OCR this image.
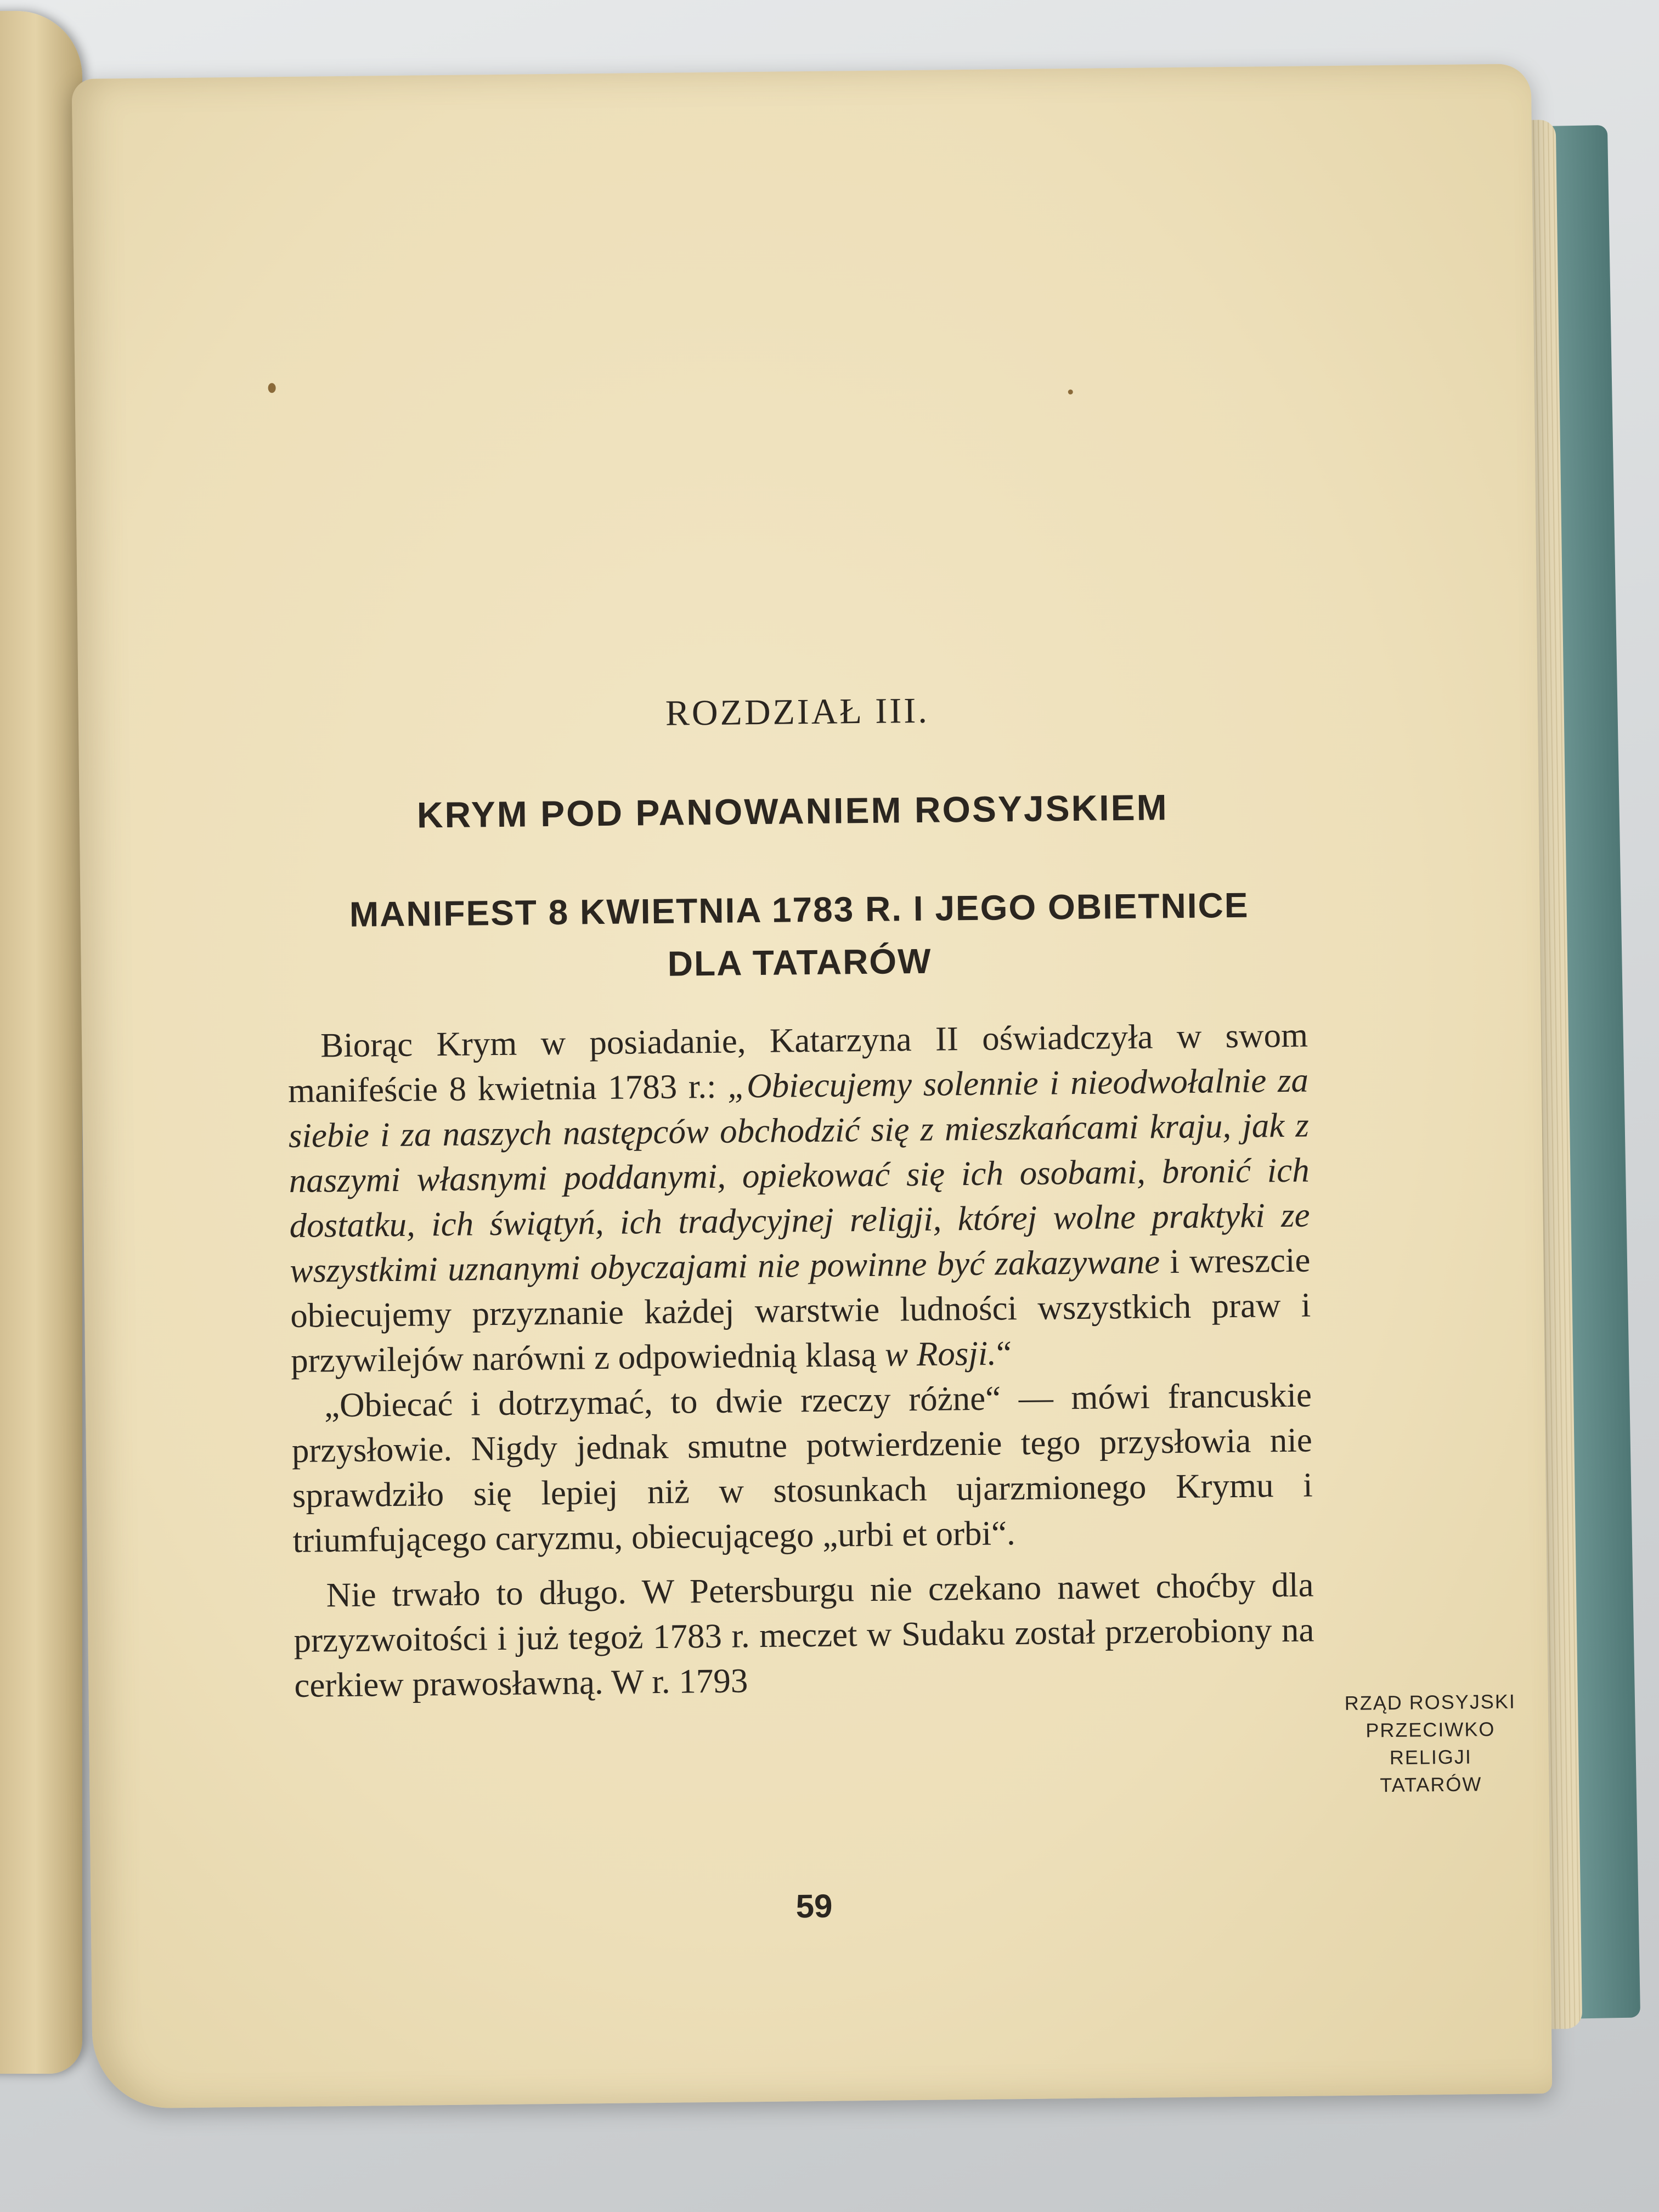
ROZDZIAŁ III.
KRYM POD PANOWANIEM ROSYJSKIEM
MANIFEST 8 KWIETNIA 1783 R. I JEGO OBIETNICE
DLA TATARÓW

Biorąc Krym w posiadanie, Katarzyna II oświadczyła w swom manifeście 8 kwietnia 1783 r.: „Obiecujemy solennie i nieodwołalnie za siebie i za naszych następców obchodzić się z mieszkańcami kraju, jak z naszymi własnymi poddanymi, opiekować się ich osobami, bronić ich dostatku, ich świątyń, ich tradycyjnej religji, której wolne praktyki ze wszystkimi uznanymi obyczajami nie powinne być zakazywane i wreszcie obiecujemy przyznanie każdej warstwie ludności wszystkich praw i przywilejów narówni z odpowiednią klasą w Rosji.“

„Obiecać i dotrzymać, to dwie rzeczy różne“ — mówi francuskie przysłowie. Nigdy jednak smutne potwierdzenie tego przysłowia nie sprawdziło się lepiej niż w stosunkach ujarzmionego Krymu i triumfującego caryzmu, obiecującego „urbi et orbi“.

Nie trwało to długo. W Petersburgu nie czekano nawet choćby dla przyzwoitości i już tegoż 1783 r. meczet w Sudaku został przerobiony na cerkiew prawosławną. W r. 1793	RZĄD ROSYJSKI PRZECIWKO RELIGJI TATARÓW
59
